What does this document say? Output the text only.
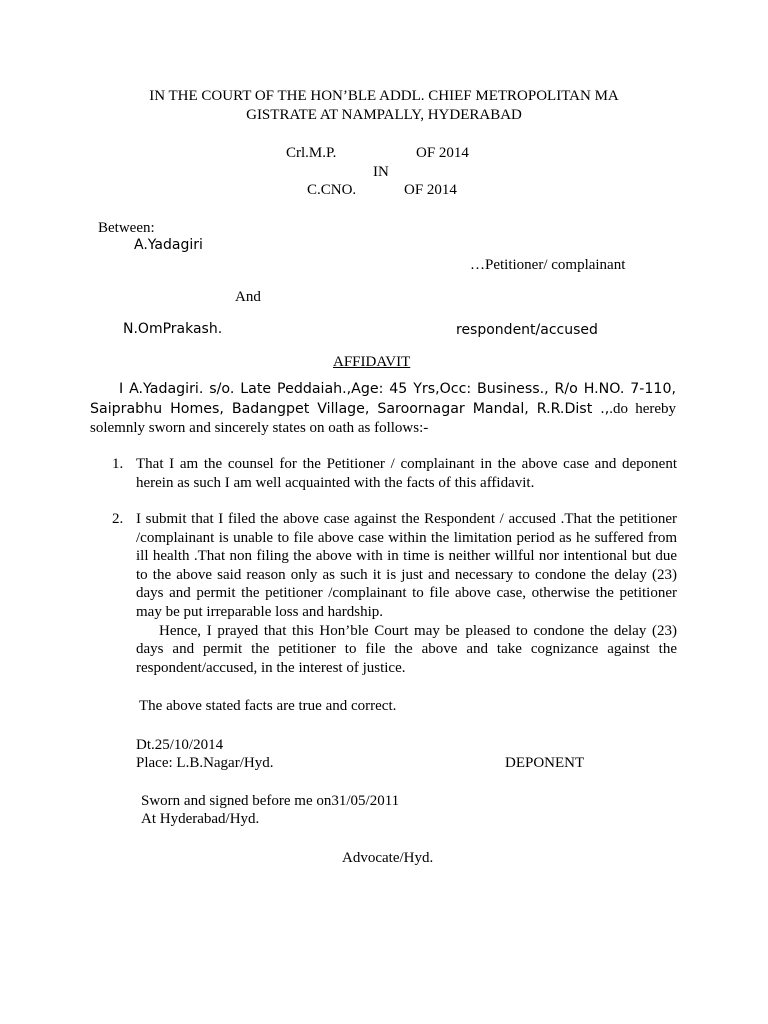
IN THE COURT OF THE HON’BLE ADDL. CHIEF METROPOLITAN MA
GISTRATE AT NAMPALLY, HYDERABAD
Crl.M.P.	OF 2014
IN
C.CNO.	OF 2014
Between:
A.Yadagiri
…Petitioner/ complainant
And
N.OmPrakash.	respondent/accused
AFFIDAVIT
I A.Yadagiri. s/o. Late Peddaiah.,Age: 45 Yrs,Occ: Business., R/o H.NO. 7-110, Saiprabhu Homes, Badangpet Village, Saroornagar Mandal, R.R.Dist .,.do hereby solemnly sworn and sincerely states on oath as follows:-
1. That I am the counsel for the Petitioner / complainant in the above case and deponent herein as such I am well acquainted with the facts of this affidavit.

2. I submit that I filed the above case against the Respondent / accused .That the petitioner /complainant is unable to file above case within the limitation period as he suffered from ill health .That non filing the above with in time is neither willful nor intentional but due to the above said reason only as such it is just and necessary to condone the delay (23) days and permit the petitioner /complainant to file above case, otherwise the petitioner may be put irreparable loss and hardship.

Hence, I prayed that this Hon’ble Court may be pleased to condone the delay (23) days and permit the petitioner to file the above and take cognizance against the respondent/accused, in the interest of justice.

The above stated facts are true and correct.
Dt.25/10/2014
Place: L.B.Nagar/Hyd.	DEPONENT
Sworn and signed before me on31/05/2011
At Hyderabad/Hyd.
Advocate/Hyd.
